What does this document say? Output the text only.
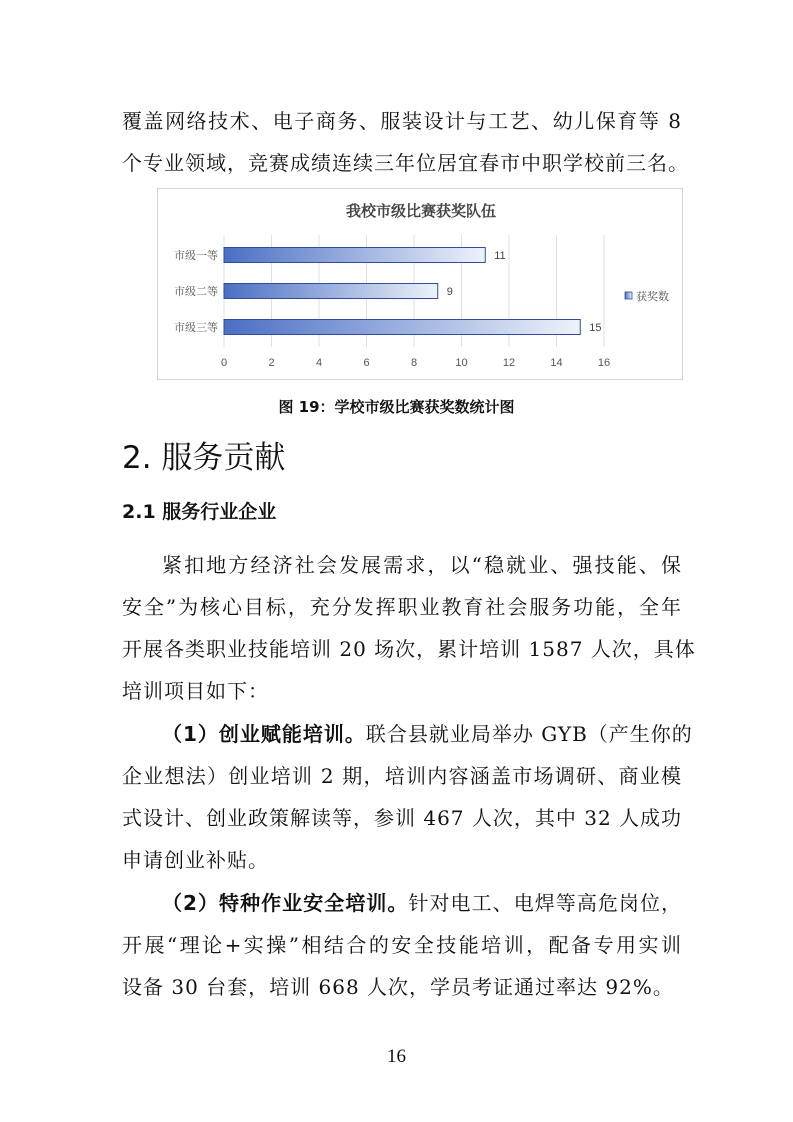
覆盖网络技术、电子商务、服装设计与工艺、幼儿保育等 8
个专业领域，竞赛成绩连续三年位居宜春市中职学校前三名。
我校市级比赛获奖队伍
0	2	4	6	8	10	12	14	16
市级一等	11
市级二等	9
市级三等	15
获奖数
图 19：学校市级比赛获奖数统计图
2. 服务贡献
2.1 服务行业企业
紧扣地方经济社会发展需求，以“稳就业、强技能、保
安全”为核心目标，充分发挥职业教育社会服务功能，全年
开展各类职业技能培训 20 场次，累计培训 1587 人次，具体
培训项目如下：
（1）创业赋能培训。联合县就业局举办 GYB（产生你的
企业想法）创业培训 2 期，培训内容涵盖市场调研、商业模
式设计、创业政策解读等，参训 467 人次，其中 32 人成功
申请创业补贴。
（2）特种作业安全培训。针对电工、电焊等高危岗位，
开展“理论+实操”相结合的安全技能培训，配备专用实训
设备 30 台套，培训 668 人次，学员考证通过率达 92%。
16
